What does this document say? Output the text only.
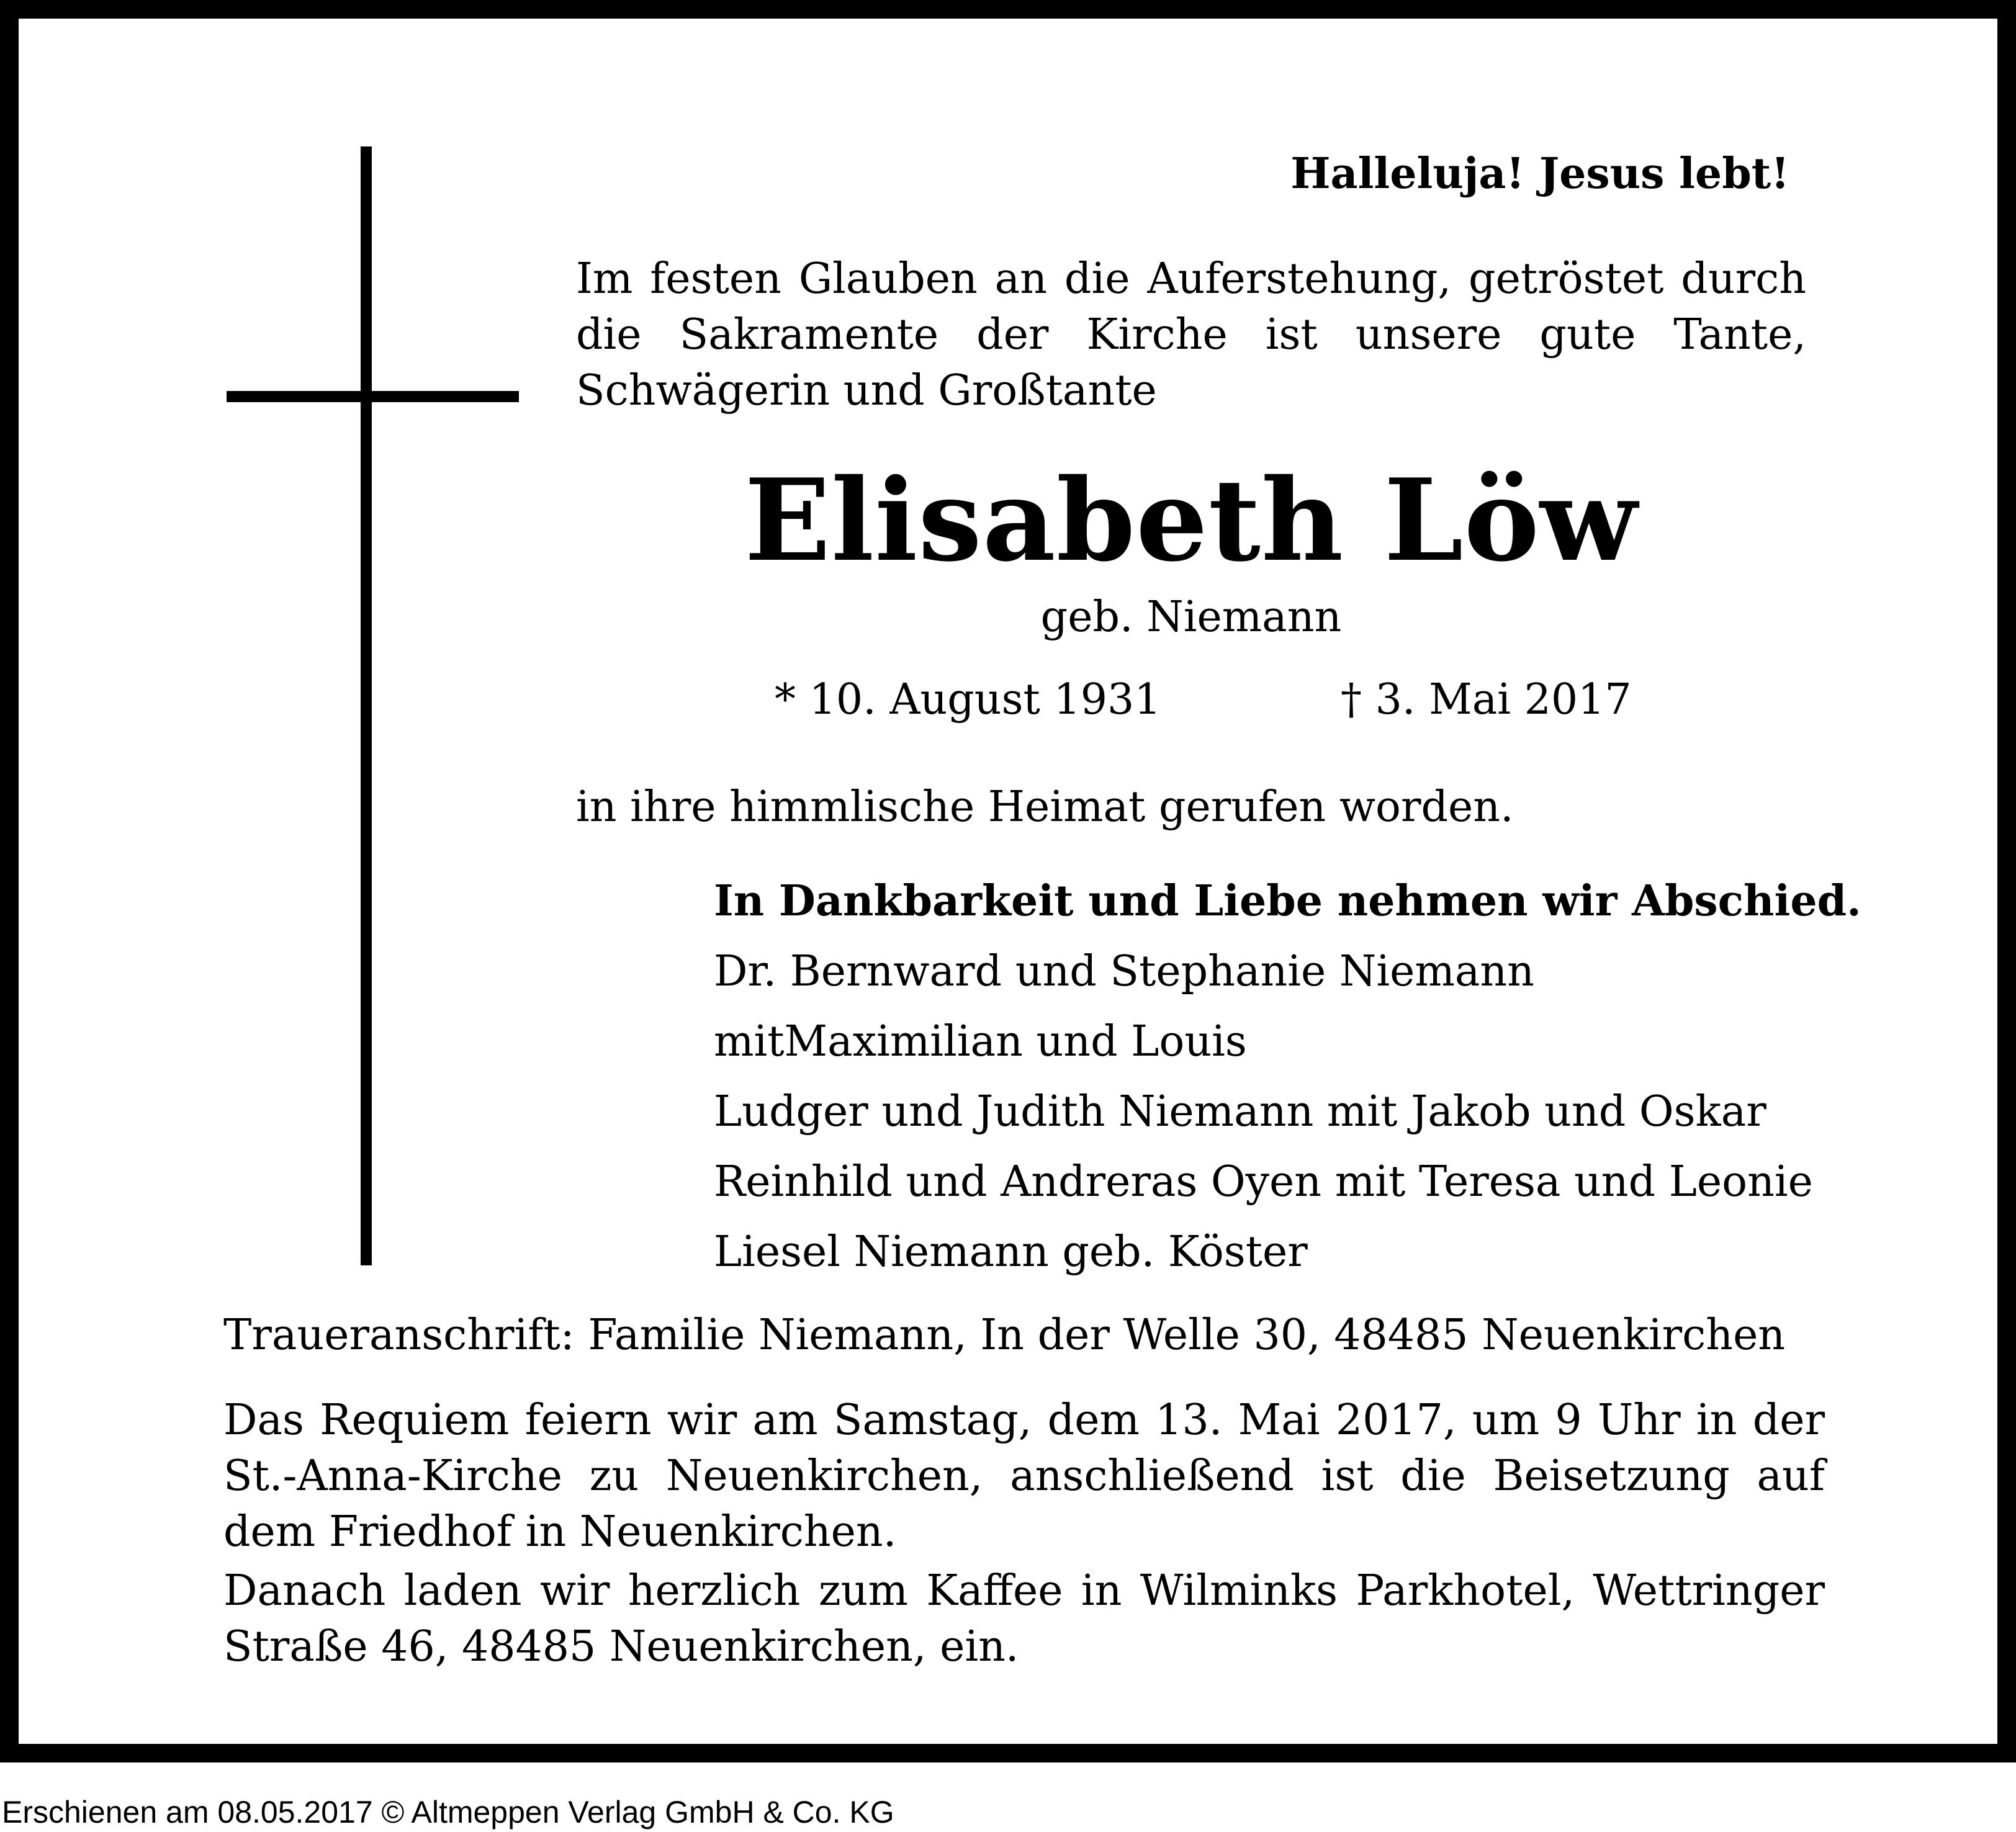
Halleluja! Jesus lebt!

Im festen Glauben an die Auferstehung, getröstet durch die Sakramente der Kirche ist unsere gute Tante, Schwägerin und Großtante

Elisabeth Löw
geb. Niemann
* 10. August 1931	† 3. Mai 2017
in ihre himmlische Heimat gerufen worden.
In Dankbarkeit und Liebe nehmen wir Abschied.
Dr. Bernward und Stephanie Niemann
mitMaximilian und Louis
Ludger und Judith Niemann mit Jakob und Oskar
Reinhild und Andreras Oyen mit Teresa und Leonie
Liesel Niemann geb. Köster
Traueranschrift: Familie Niemann, In der Welle 30, 48485 Neuenkirchen

Das Requiem feiern wir am Samstag, dem 13. Mai 2017, um 9 Uhr in der St.-Anna-Kirche zu Neuenkirchen, anschließend ist die Beisetzung auf dem Friedhof in Neuenkirchen.

Danach laden wir herzlich zum Kaffee in Wilminks Parkhotel, Wettringer Straße 46, 48485 Neuenkirchen, ein.

Erschienen am 08.05.2017 © Altmeppen Verlag GmbH & Co. KG
